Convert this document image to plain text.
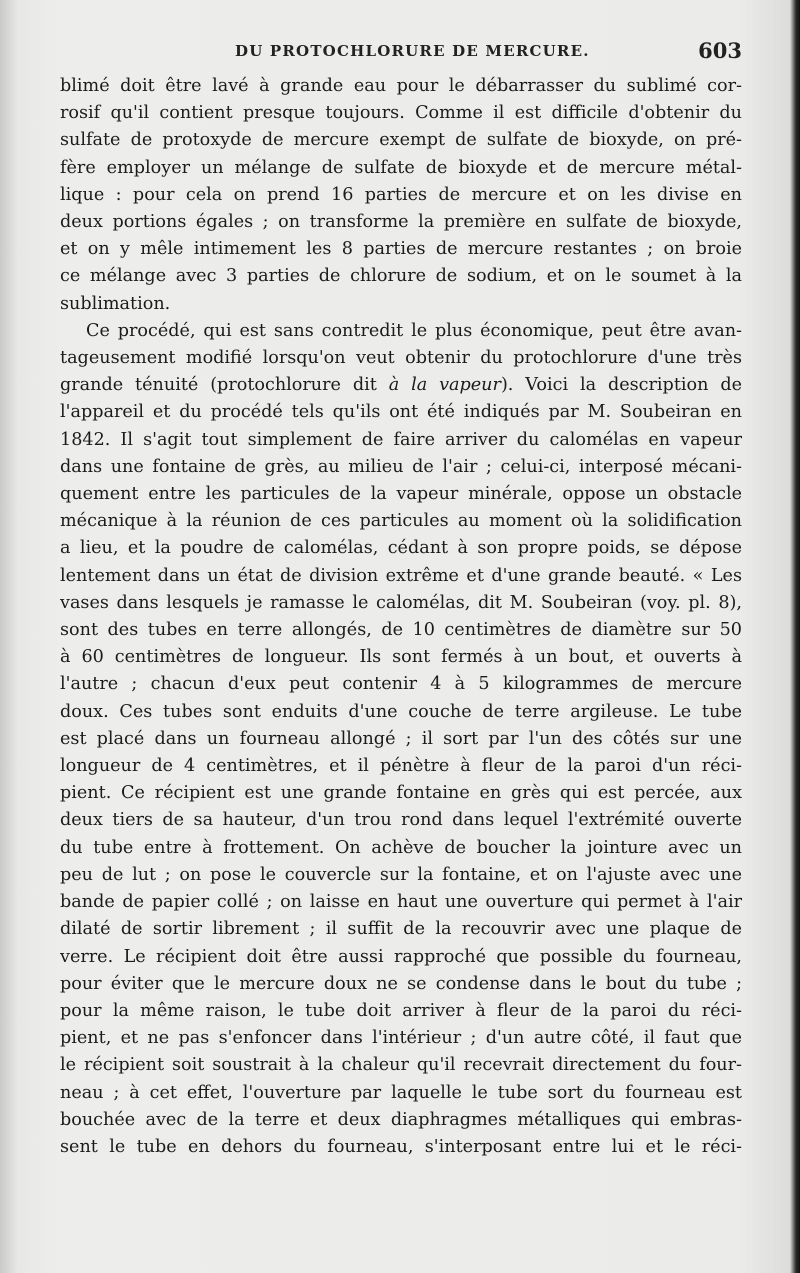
DU PROTOCHLORURE DE MERCURE.	603

blimé doit être lavé à grande eau pour le débarrasser du sublimé cor-
rosif qu'il contient presque toujours. Comme il est difficile d'obtenir du
sulfate de protoxyde de mercure exempt de sulfate de bioxyde, on pré-
fère employer un mélange de sulfate de bioxyde et de mercure métal-
lique : pour cela on prend 16 parties de mercure et on les divise en
deux portions égales ; on transforme la première en sulfate de bioxyde,
et on y mêle intimement les 8 parties de mercure restantes ; on broie
ce mélange avec 3 parties de chlorure de sodium, et on le soumet à la
sublimation.

Ce procédé, qui est sans contredit le plus économique, peut être avan-
tageusement modifié lorsqu'on veut obtenir du protochlorure d'une très
grande ténuité (protochlorure dit à la vapeur). Voici la description de
l'appareil et du procédé tels qu'ils ont été indiqués par M. Soubeiran en
1842. Il s'agit tout simplement de faire arriver du calomélas en vapeur
dans une fontaine de grès, au milieu de l'air ; celui-ci, interposé mécani-
quement entre les particules de la vapeur minérale, oppose un obstacle
mécanique à la réunion de ces particules au moment où la solidification
a lieu, et la poudre de calomélas, cédant à son propre poids, se dépose
lentement dans un état de division extrême et d'une grande beauté. « Les
vases dans lesquels je ramasse le calomélas, dit M. Soubeiran (voy. pl. 8),
sont des tubes en terre allongés, de 10 centimètres de diamètre sur 50
à 60 centimètres de longueur. Ils sont fermés à un bout, et ouverts à
l'autre ; chacun d'eux peut contenir 4 à 5 kilogrammes de mercure
doux. Ces tubes sont enduits d'une couche de terre argileuse. Le tube
est placé dans un fourneau allongé ; il sort par l'un des côtés sur une
longueur de 4 centimètres, et il pénètre à fleur de la paroi d'un réci-
pient. Ce récipient est une grande fontaine en grès qui est percée, aux
deux tiers de sa hauteur, d'un trou rond dans lequel l'extrémité ouverte
du tube entre à frottement. On achève de boucher la jointure avec un
peu de lut ; on pose le couvercle sur la fontaine, et on l'ajuste avec une
bande de papier collé ; on laisse en haut une ouverture qui permet à l'air
dilaté de sortir librement ; il suffit de la recouvrir avec une plaque de
verre. Le récipient doit être aussi rapproché que possible du fourneau,
pour éviter que le mercure doux ne se condense dans le bout du tube ;
pour la même raison, le tube doit arriver à fleur de la paroi du réci-
pient, et ne pas s'enfoncer dans l'intérieur ; d'un autre côté, il faut que
le récipient soit soustrait à la chaleur qu'il recevrait directement du four-
neau ; à cet effet, l'ouverture par laquelle le tube sort du fourneau est
bouchée avec de la terre et deux diaphragmes métalliques qui embras-
sent le tube en dehors du fourneau, s'interposant entre lui et le réci-
